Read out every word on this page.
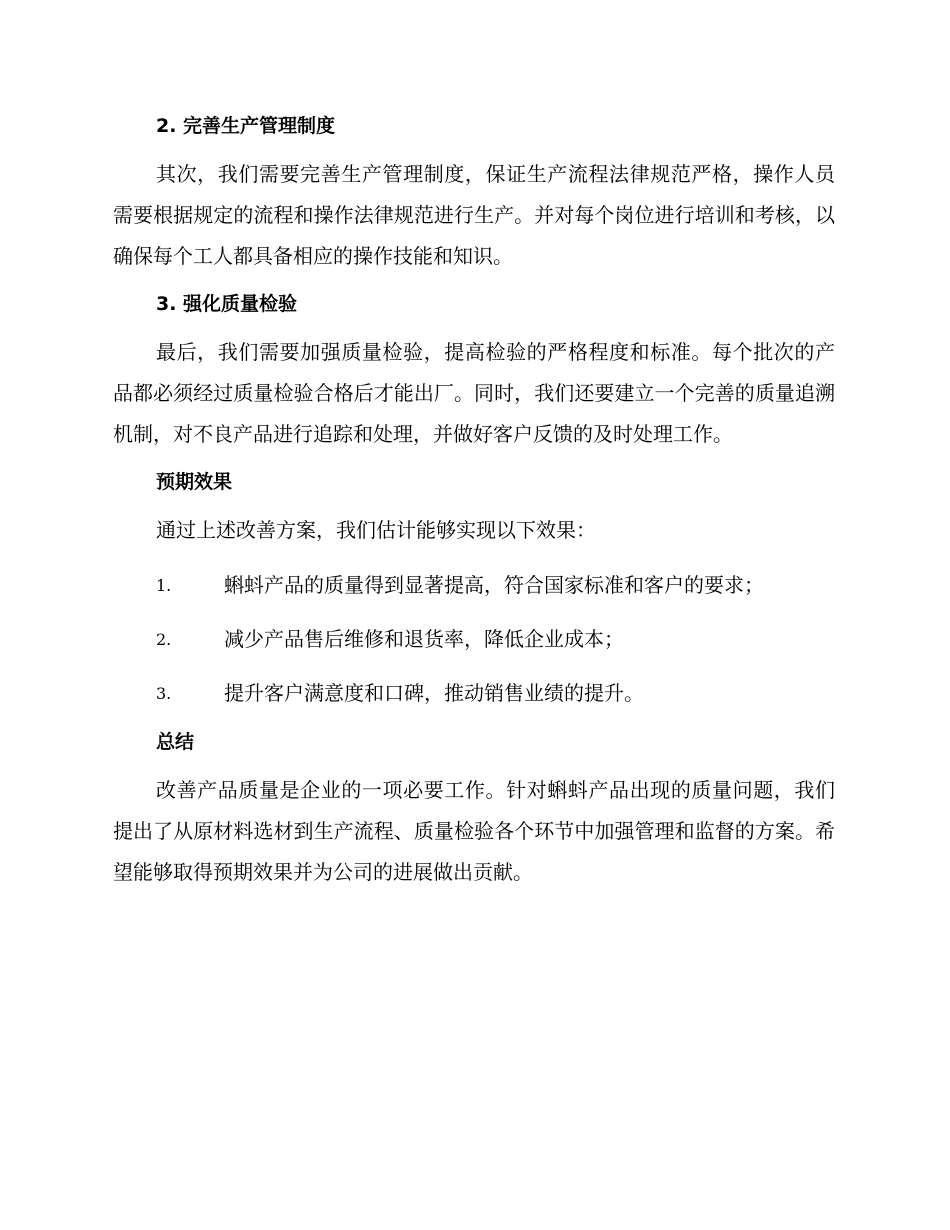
2. 完善生产管理制度

其次，我们需要完善生产管理制度，保证生产流程法律规范严格，操作人员需要根据规定的流程和操作法律规范进行生产。并对每个岗位进行培训和考核，以确保每个工人都具备相应的操作技能和知识。

3. 强化质量检验

最后，我们需要加强质量检验，提高检验的严格程度和标准。每个批次的产品都必须经过质量检验合格后才能出厂。同时，我们还要建立一个完善的质量追溯机制，对不良产品进行追踪和处理，并做好客户反馈的及时处理工作。

预期效果

通过上述改善方案，我们估计能够实现以下效果：

1.	蝌蚪产品的质量得到显著提高，符合国家标准和客户的要求；
2.	减少产品售后维修和退货率，降低企业成本；
3.	提升客户满意度和口碑，推动销售业绩的提升。
总结

改善产品质量是企业的一项必要工作。针对蝌蚪产品出现的质量问题，我们提出了从原材料选材到生产流程、质量检验各个环节中加强管理和监督的方案。希望能够取得预期效果并为公司的进展做出贡献。
